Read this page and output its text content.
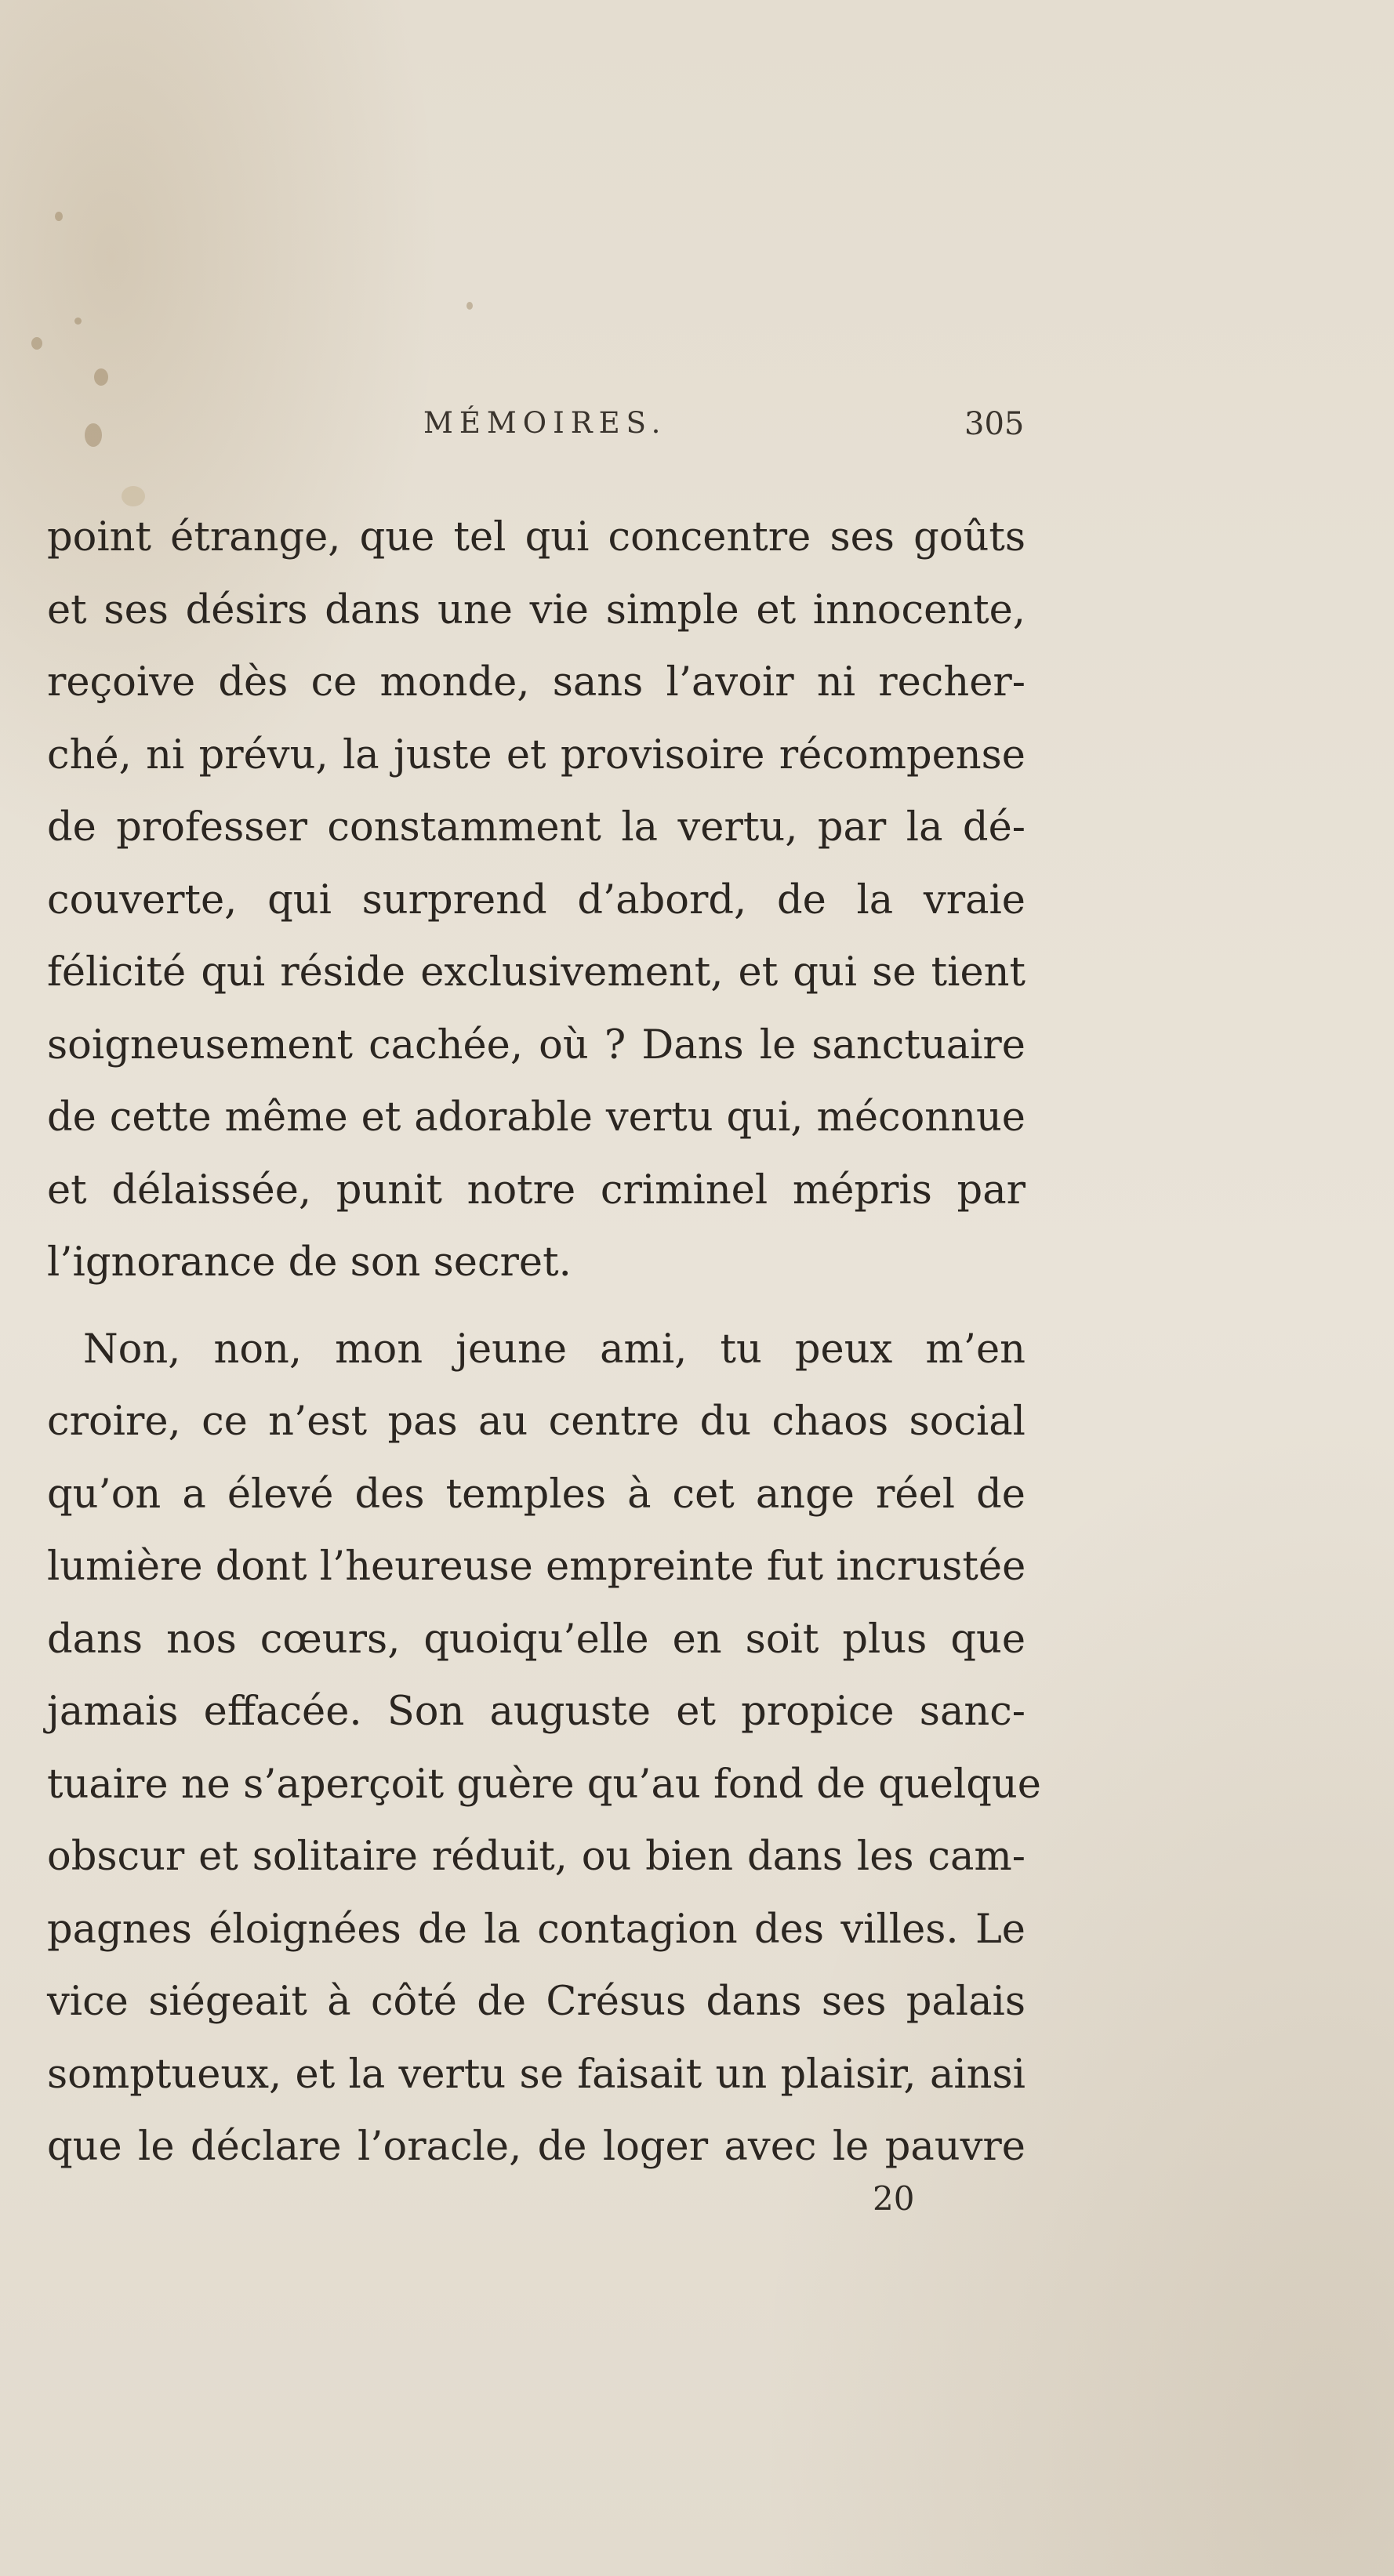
MÉMOIRES.	305
point étrange, que tel qui concentre ses goûts
et ses désirs dans une vie simple et innocente,
reçoive dès ce monde, sans l’avoir ni recher-
ché, ni prévu, la juste et provisoire récompense
de professer constamment la vertu, par la dé-
couverte, qui surprend d’abord, de la vraie
félicité qui réside exclusivement, et qui se tient
soigneusement cachée, où ? Dans le sanctuaire
de cette même et adorable vertu qui, méconnue
et délaissée, punit notre criminel mépris par
l’ignorance de son secret.
Non, non, mon jeune ami, tu peux m’en
croire, ce n’est pas au centre du chaos social
qu’on a élevé des temples à cet ange réel de
lumière dont l’heureuse empreinte fut incrustée
dans nos cœurs, quoiqu’elle en soit plus que
jamais effacée. Son auguste et propice sanc-
tuaire ne s’aperçoit guère qu’au fond de quelque
obscur et solitaire réduit, ou bien dans les cam-
pagnes éloignées de la contagion des villes. Le
vice siégeait à côté de Crésus dans ses palais
somptueux, et la vertu se faisait un plaisir, ainsi
que le déclare l’oracle, de loger avec le pauvre
20
